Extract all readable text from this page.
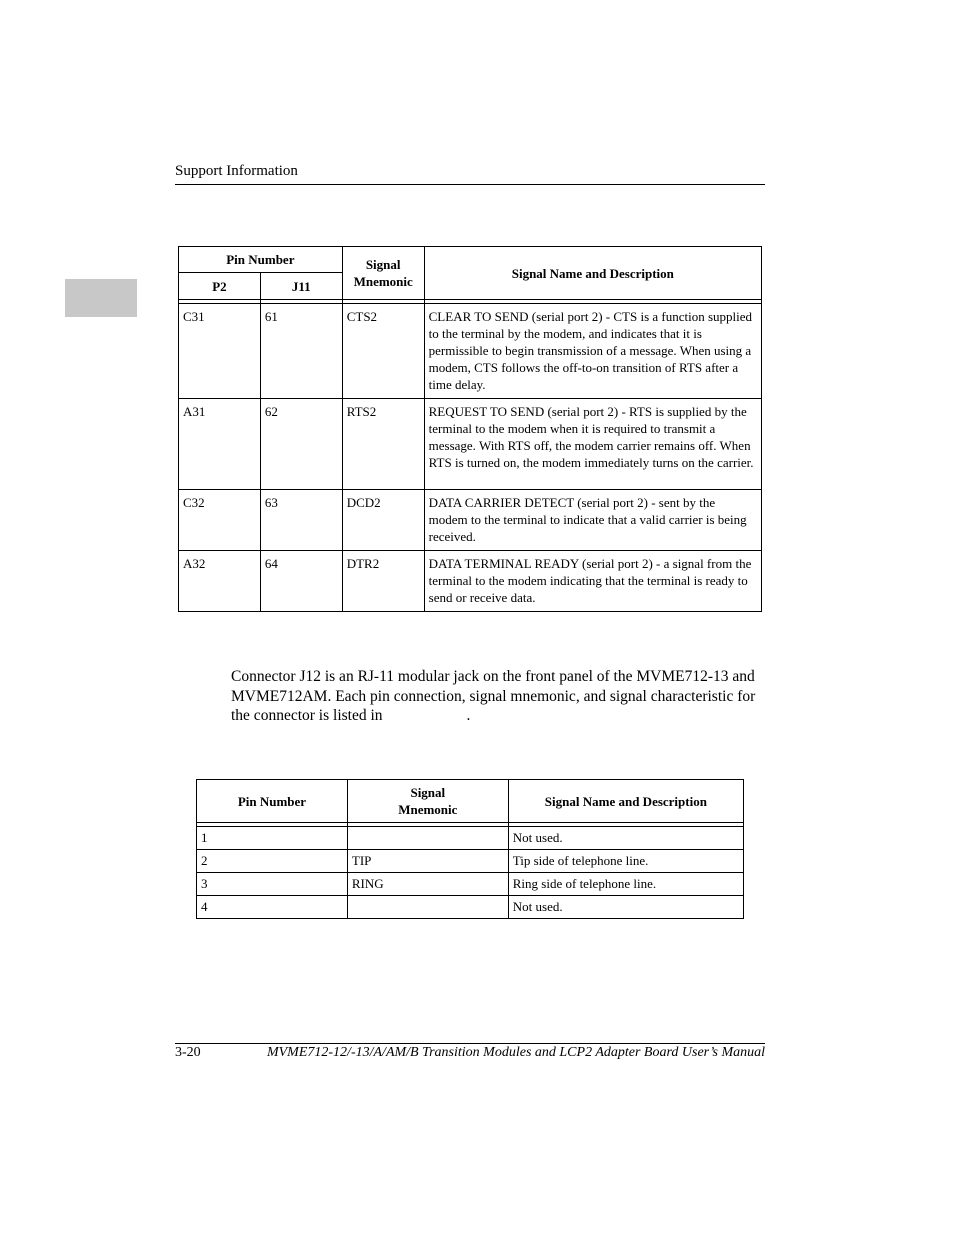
Support Information
Pin Number		Signal Mnemonic	Signal Name and Description
P2	J11		

C31	61	CTS2	CLEAR TO SEND (serial port 2) - CTS is a function supplied to the terminal by the modem, and indicates that it is permissible to begin transmission of a message. When using a modem, CTS follows the off-to-on transition of RTS after a time delay.
A31	62	RTS2	REQUEST TO SEND (serial port 2) - RTS is supplied by the terminal to the modem when it is required to transmit a message. With RTS off, the modem carrier remains off. When RTS is turned on, the modem immediately turns on the carrier.
C32	63	DCD2	DATA CARRIER DETECT (serial port 2) - sent by the modem to the terminal to indicate that a valid carrier is being received.
A32	64	DTR2	DATA TERMINAL READY (serial port 2) - a signal from the terminal to the modem indicating that the terminal is ready to send or receive data.
Connector J12 is an RJ-11 modular jack on the front panel of the MVME712-13 and MVME712AM. Each pin connection, signal mnemonic, and signal characteristic for the connector is listed in	.
Pin Number	Signal Mnemonic	Signal Name and Description

1		Not used.
2	TIP	Tip side of telephone line.
3	RING	Ring side of telephone line.
4		Not used.
3-20	MVME712-12/-13/A/AM/B Transition Modules and LCP2 Adapter Board User’s Manual
